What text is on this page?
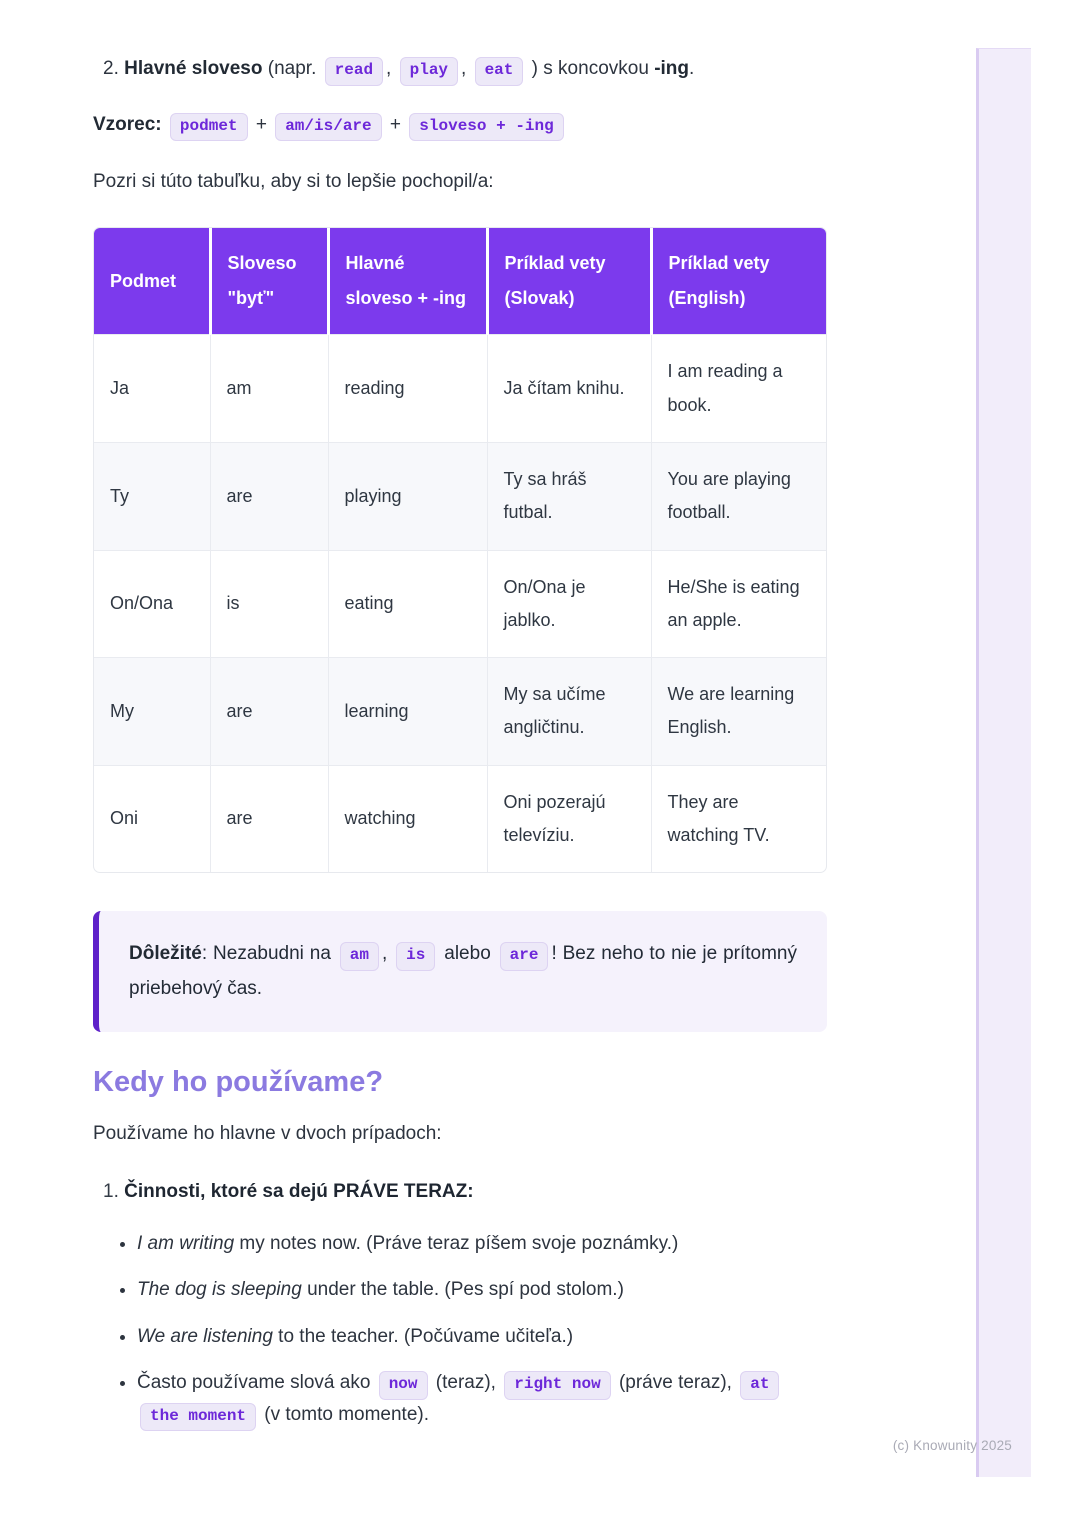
(c) Knowunity 2025

2. Hlavné sloveso (napr. read , play , eat ) s koncovkou -ing.

Vzorec: podmet + am/is/are + sloveso + -ing

Pozri si túto tabuľku, aby si to lepšie pochopil/a:

Podmet	Sloveso "byť"	Hlavné sloveso + -ing	Príklad vety (Slovak)	Príklad vety (English)
Ja	am	reading	Ja čítam knihu.	I am reading a book.
Ty	are	playing	Ty sa hráš futbal.	You are playing football.
On/Ona	is	eating	On/Ona je jablko.	He/She is eating an apple.
My	are	learning	My sa učíme angličtinu.	We are learning English.
Oni	are	watching	Oni pozerajú televíziu.	They are watching TV.
Dôležité: Nezabudni na am , is alebo are ! Bez neho to nie je prítomný priebehový čas.
Kedy ho používame?

Používame ho hlavne v dvoch prípadoch:

1. Činnosti, ktoré sa dejú PRÁVE TERAZ:

• I am writing my notes now. (Práve teraz píšem svoje poznámky.)
• The dog is sleeping under the table. (Pes spí pod stolom.)
• We are listening to the teacher. (Počúvame učiteľa.)
• Často používame slová ako now (teraz), right now (práve teraz), at the moment (v tomto momente).
